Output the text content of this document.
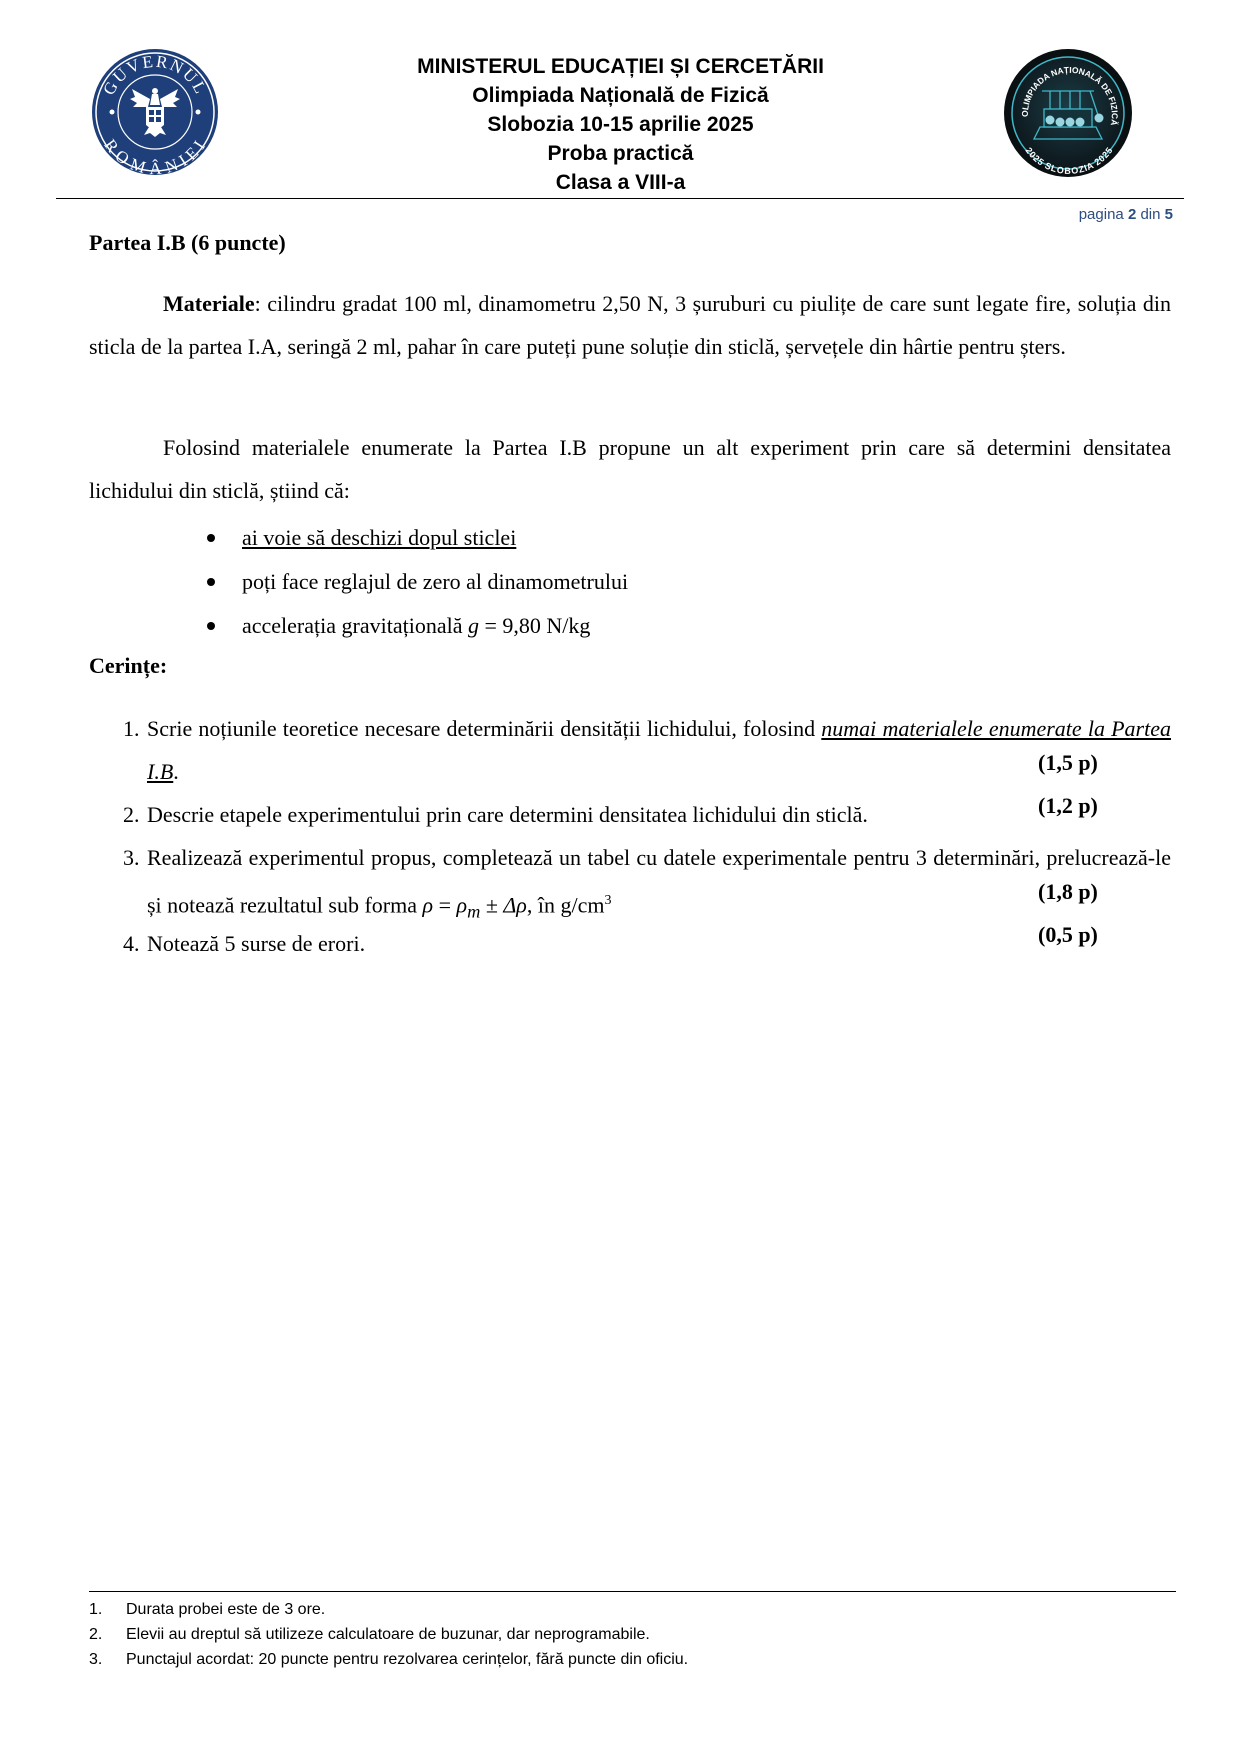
GUVERNUL
ROMÂNIEI
MINISTERUL EDUCAȚIEI ȘI CERCETĂRII
Olimpiada Națională de Fizică
Slobozia 10-15 aprilie 2025
Proba practică
Clasa a VIII-a
OLIMPIADA NAȚIONALĂ DE FIZICĂ
2025 SLOBOZIA 2025
pagina 2 din 5
Partea I.B (6 puncte)
Materiale: cilindru gradat 100 ml, dinamometru 2,50 N, 3 șuruburi cu piulițe de care sunt legate fire, soluția din sticla de la partea I.A, seringă 2 ml, pahar în care puteți pune soluție din sticlă, șervețele din hârtie pentru șters.
Folosind materialele enumerate la Partea I.B propune un alt experiment prin care să determini densitatea lichidului din sticlă, știind că:
ai voie să deschizi dopul sticlei
poți face reglajul de zero al dinamometrului
accelerația gravitațională g = 9,80 N/kg
Cerințe:
1. Scrie noțiunile teoretice necesare determinării densității lichidului, folosind numai materialele enumerate la Partea I.B.	(1,5 p)
2. Descrie etapele experimentului prin care determini densitatea lichidului din sticlă.	(1,2 p)
3. Realizează experimentul propus, completează un tabel cu datele experimentale pentru 3 determinări, prelucrează-le și notează rezultatul sub forma $\rho = \rho_m \pm \Delta\rho$, în $g/cm^3$	(1,8 p)
4. Notează 5 surse de erori.	(0,5 p)
1. Durata probei este de 3 ore.
2. Elevii au dreptul să utilizeze calculatoare de buzunar, dar neprogramabile.
3. Punctajul acordat: 20 puncte pentru rezolvarea cerințelor, fără puncte din oficiu.
